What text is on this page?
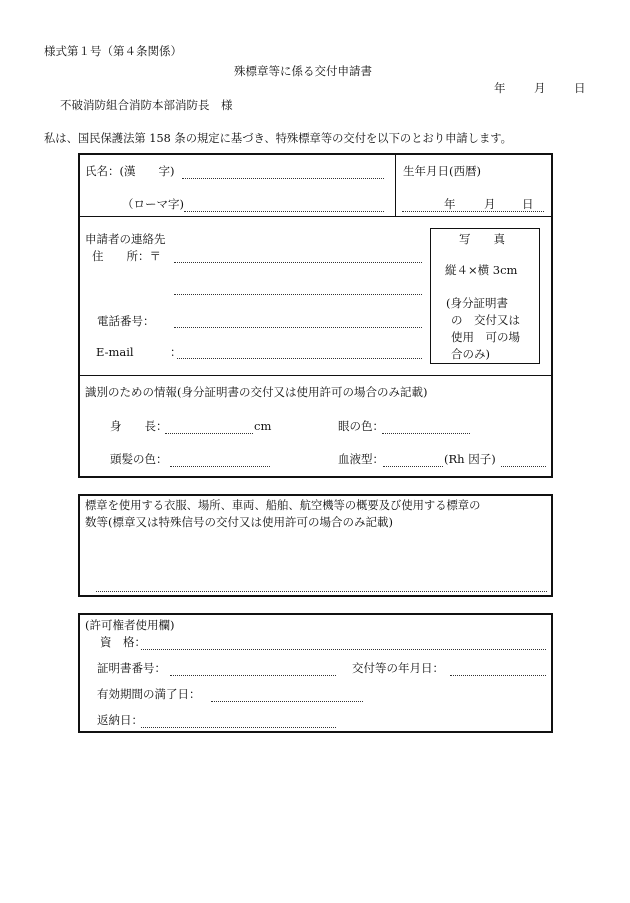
様式第１号（第４条関係）
殊標章等に係る交付申請書
年 月 日
不破消防組合消防本部消防長　様
私は、国民保護法第 158 条の規定に基づき、特殊標章等の交付を以下のとおり申請します。
氏名：(漢　　字)
（ローマ字)
生年月日(西暦)
年 月 日
申請者の連絡先
住　　所：〒
電話番号：
E-mail	：
写　　真
縦４×横 3cm
(身分証明書
の　交付又は
使用　可の場
合のみ)
識別のための情報(身分証明書の交付又は使用許可の場合のみ記載)
身　　長：	cm	眼の色：
頭髪の色：	血液型：	(Rh 因子)
標章を使用する衣服、場所、車両、船舶、航空機等の概要及び使用する標章の
数等(標章又は特殊信号の交付又は使用許可の場合のみ記載)
(許可権者使用欄)
資　格：
証明書番号：	交付等の年月日：
有効期間の満了日：
返納日：
